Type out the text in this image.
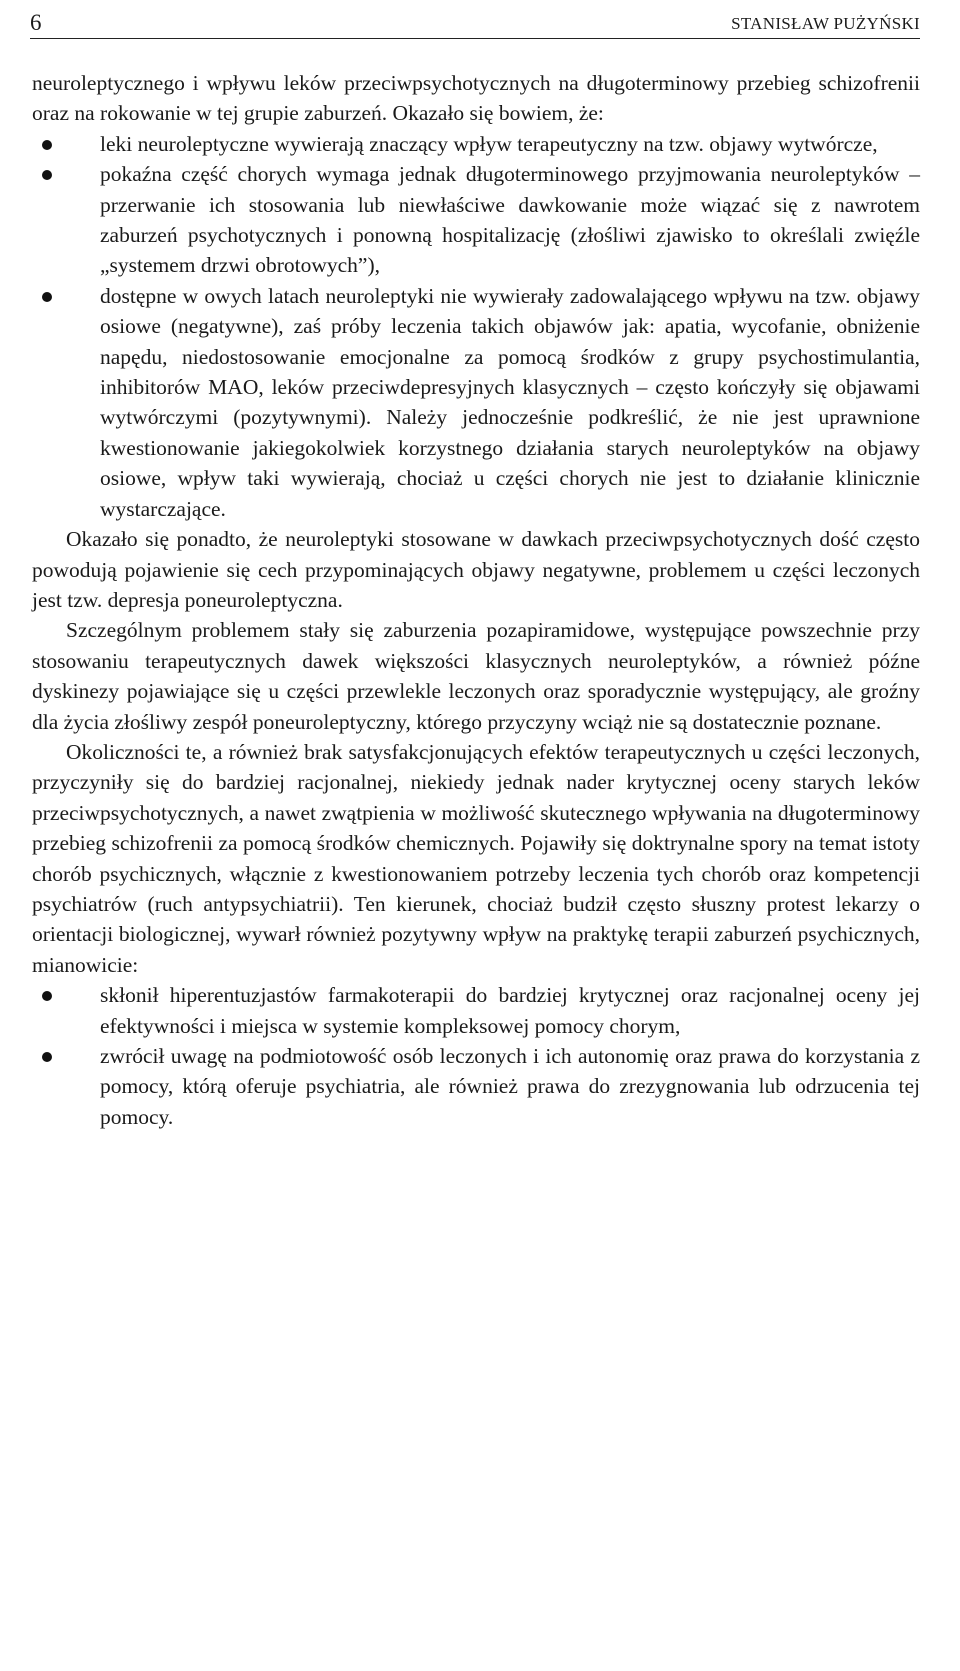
6	STANISŁAW PUŻYŃSKI

neuroleptycznego i wpływu leków przeciwpsychotycznych na długoterminowy przebieg schizofrenii oraz na rokowanie w tej grupie zaburzeń. Okazało się bowiem, że:

leki neuroleptyczne wywierają znaczący wpływ terapeutyczny na tzw. objawy wytwórcze,
pokaźna część chorych wymaga jednak długoterminowego przyjmowania neuroleptyków – przerwanie ich stosowania lub niewłaściwe dawkowanie może wiązać się z nawrotem zaburzeń psychotycznych i ponowną hospitalizację (złośliwi zjawisko to określali zwięźle „systemem drzwi obrotowych”),
dostępne w owych latach neuroleptyki nie wywierały zadowalającego wpływu na tzw. objawy osiowe (negatywne), zaś próby leczenia takich objawów jak: apatia, wycofanie, obniżenie napędu, niedostosowanie emocjonalne za pomocą środków z grupy psychostimulantia, inhibitorów MAO, leków przeciwdepresyjnych klasycznych – często kończyły się objawami wytwórczymi (pozytywnymi). Należy jednocześnie podkreślić, że nie jest uprawnione kwestionowanie jakiegokolwiek korzystnego działania starych neuroleptyków na objawy osiowe, wpływ taki wywierają, chociaż u części chorych nie jest to działanie klinicznie wystarczające.

Okazało się ponadto, że neuroleptyki stosowane w dawkach przeciwpsychotycznych dość często powodują pojawienie się cech przypominających objawy negatywne, problemem u części leczonych jest tzw. depresja poneuroleptyczna.

Szczególnym problemem stały się zaburzenia pozapiramidowe, występujące powszechnie przy stosowaniu terapeutycznych dawek większości klasycznych neuroleptyków, a również późne dyskinezy pojawiające się u części przewlekle leczonych oraz sporadycznie występujący, ale groźny dla życia złośliwy zespół poneuroleptyczny, którego przyczyny wciąż nie są dostatecznie poznane.

Okoliczności te, a również brak satysfakcjonujących efektów terapeutycznych u części leczonych, przyczyniły się do bardziej racjonalnej, niekiedy jednak nader krytycznej oceny starych leków przeciwpsychotycznych, a nawet zwątpienia w możliwość skutecznego wpływania na długoterminowy przebieg schizofrenii za pomocą środków chemicznych. Pojawiły się doktrynalne spory na temat istoty chorób psychicznych, włącznie z kwestionowaniem potrzeby leczenia tych chorób oraz kompetencji psychiatrów (ruch antypsychiatrii). Ten kierunek, chociaż budził często słuszny protest lekarzy o orientacji biologicznej, wywarł również pozytywny wpływ na praktykę terapii zaburzeń psychicznych, mianowicie:

skłonił hiperentuzjastów farmakoterapii do bardziej krytycznej oraz racjonalnej oceny jej efektywności i miejsca w systemie kompleksowej pomocy chorym,
zwrócił uwagę na podmiotowość osób leczonych i ich autonomię oraz prawa do korzystania z pomocy, którą oferuje psychiatria, ale również prawa do zrezygnowania lub odrzucenia tej pomocy.
